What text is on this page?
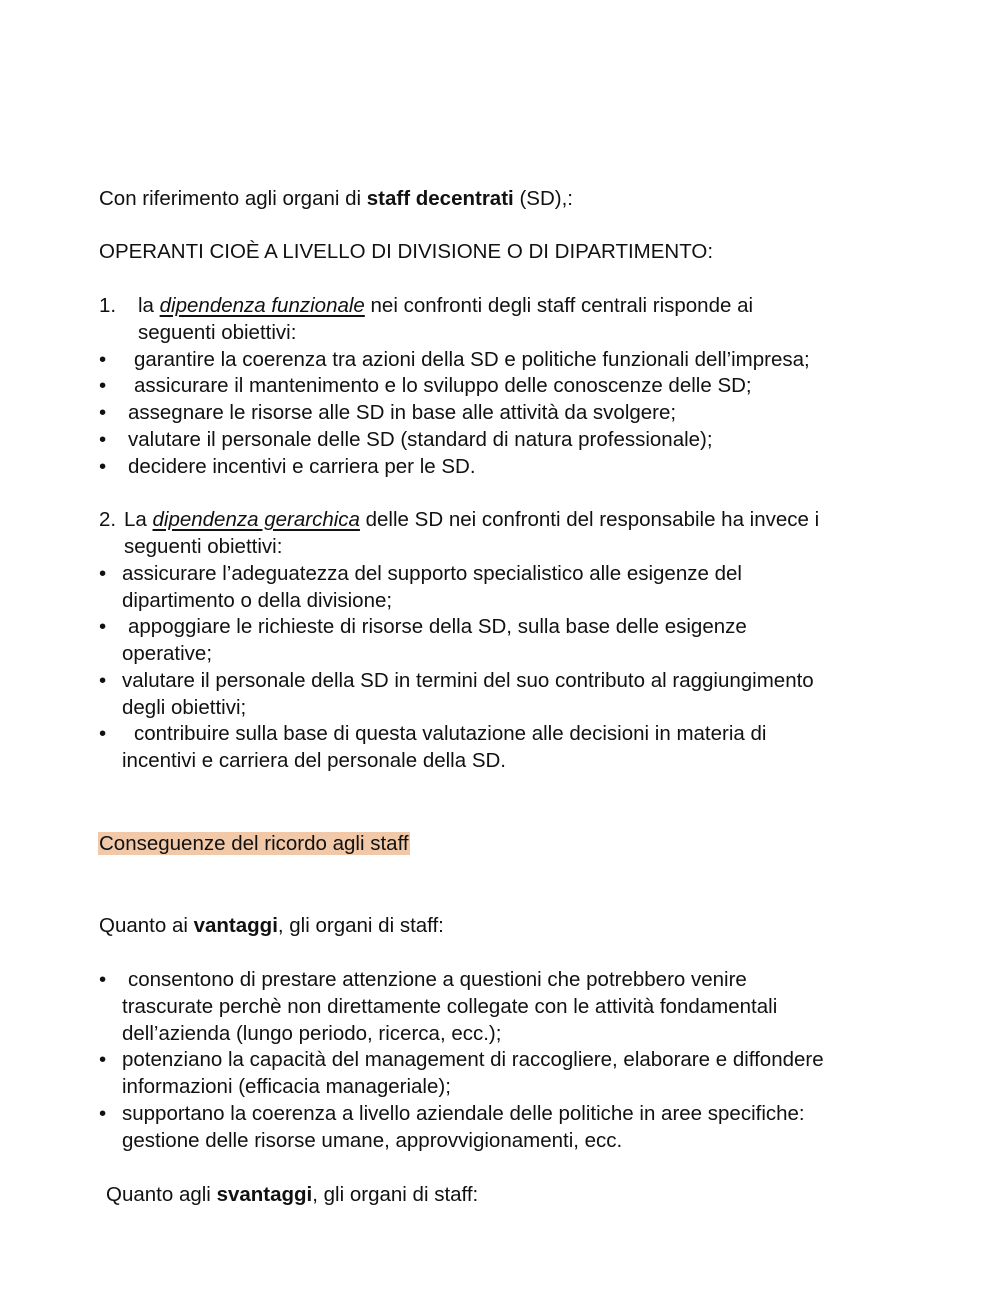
Con riferimento agli organi di staff decentrati (SD),:
OPERANTI CIOÈ A LIVELLO DI DIVISIONE O DI DIPARTIMENTO:
1. la dipendenza funzionale nei confronti degli staff centrali risponde ai
seguenti obiettivi:
• garantire la coerenza tra azioni della SD e politiche funzionali dell’impresa;
• assicurare il mantenimento e lo sviluppo delle conoscenze delle SD;
• assegnare le risorse alle SD in base alle attività da svolgere;
• valutare il personale delle SD (standard di natura professionale);
• decidere incentivi e carriera per le SD.
2. La dipendenza gerarchica delle SD nei confronti del responsabile ha invece i
seguenti obiettivi:
• assicurare l’adeguatezza del supporto specialistico alle esigenze del
dipartimento o della divisione;
• appoggiare le richieste di risorse della SD, sulla base delle esigenze
operative;
• valutare il personale della SD in termini del suo contributo al raggiungimento
degli obiettivi;
• contribuire sulla base di questa valutazione alle decisioni in materia di
incentivi e carriera del personale della SD.
Conseguenze del ricordo agli staff
Quanto ai vantaggi, gli organi di staff:
• consentono di prestare attenzione a questioni che potrebbero venire
trascurate perchè non direttamente collegate con le attività fondamentali
dell’azienda (lungo periodo, ricerca, ecc.);
• potenziano la capacità del management di raccogliere, elaborare e diffondere
informazioni (efficacia manageriale);
• supportano la coerenza a livello aziendale delle politiche in aree specifiche:
gestione delle risorse umane, approvvigionamenti, ecc.
Quanto agli svantaggi, gli organi di staff:
